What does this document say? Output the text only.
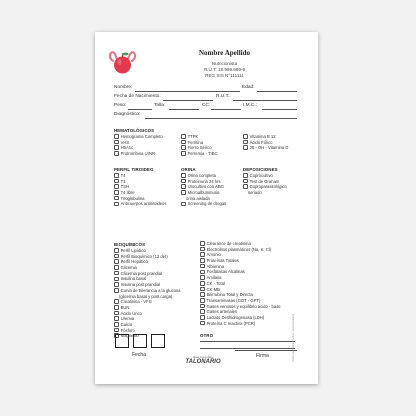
Nombre Apellido
Nutricionista
R.U.T: 19.999.999-9
REG SIS N°111111
Nombre:	Edad:
Fecha de Nacimiento:	R.U.T.:
Peso:	Talla:	CC:	I.M.C.:
Diagnóstico:
HEMATOLÓGICOS
Hemograma Completo
VHS
HbA1c
Protrombina c/INR
TTPK
Ferritina
Fierro Sérico
Ferremia - TIBC
Vitamina B 12
Ácido Fólico
25 - OH - Vitamina D
PERFIL TIROIDEO
T4
T3
TSH
T4 libre
Tiroglobulina
Anticuerpos antitiroideos
ORINA
Orina completa
Proteinuria 24 hrs
Urocultivo con ABG
Microalbuminuria
orina aislada
Screening de drogas
DEPOSICIONES
Coprocultivo
Test de Graham
Coproparasitológico
seriado
BIOQUÍMICOS
Perfil Lipídico
Perfil Bioquímico (13 det)
Perfil Hepático
Glicemia
Glicemia post prandial
Insulina basal
Insulina post prandial
Curva de tolerancia a la glucosa
(glicemia basal y post carga)
Creatinina - VFG
BUN
Ácido Úrico
Uremia
Calcio
Fósforo
Magnesio
Clearance de creatinina
Electrolitos plasmáticos (Na, K, Cl)
Amonio
Proteínas Totales
Albúmina
Fosfatasas Alcalinas
Amilasa
CK - Total
CK MB
Bilirrubina Total y Directa
Transaminasas (GOT - GPT)
Gases venosos y equilibrio ácido - base
Gases arteriales
Lactato Deshidrogenasa (LDH)
Proteína C reactiva (PCR)
OTRO
Fecha	Ideas imprimibles
TALONARIO
Firma	Diseño por TalonarioOnline · www.talonario.cl
